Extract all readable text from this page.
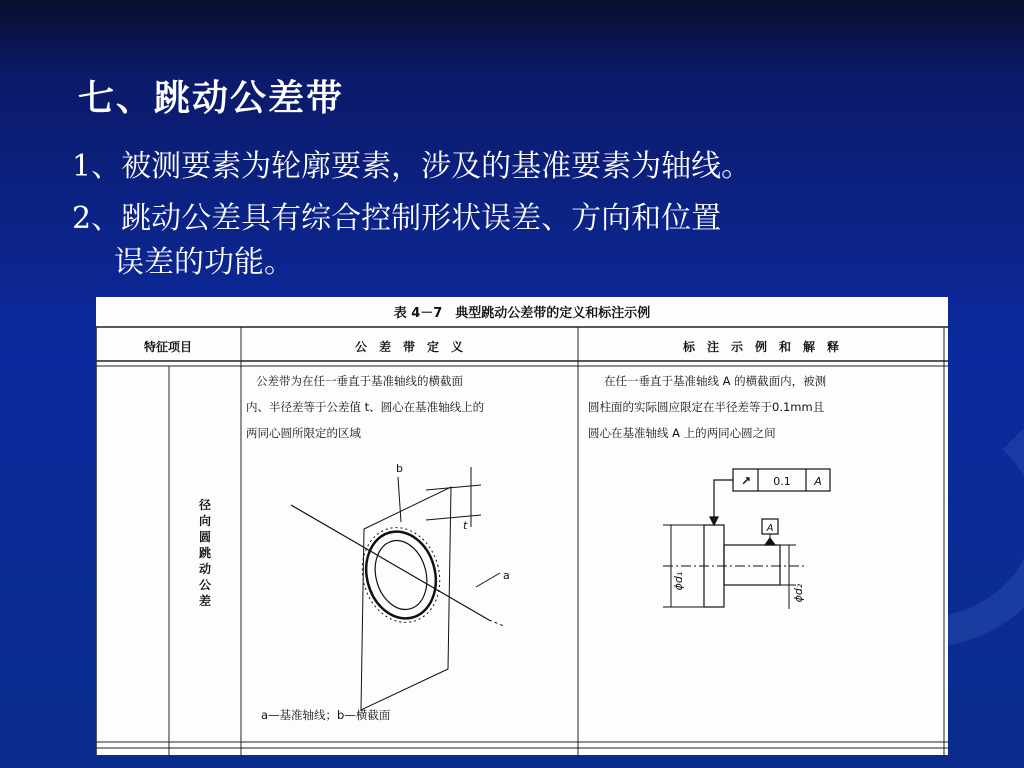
七、跳动公差带
1、被测要素为轮廓要素，涉及的基准要素为轴线。
2、跳动公差具有综合控制形状误差、方向和位置
误差的功能。
表 4－7　典型跳动公差带的定义和标注示例
特征项目	公　差　带　定　义	标　注　示　例　和　解　释
径
向
圆
跳
动
公
差
公差带为在任一垂直于基准轴线的横截面
内、半径差等于公差值 t、圆心在基准轴线上的
两同心圆所限定的区域
b
a
t
a—基准轴线；b—横截面
在任一垂直于基准轴线 A 的横截面内，被测
圆柱面的实际圆应限定在半径差等于0.1mm且
圆心在基准轴线 A 上的两同心圆之间
↗ 0.1 A
A
ϕd₁
ϕd₂
